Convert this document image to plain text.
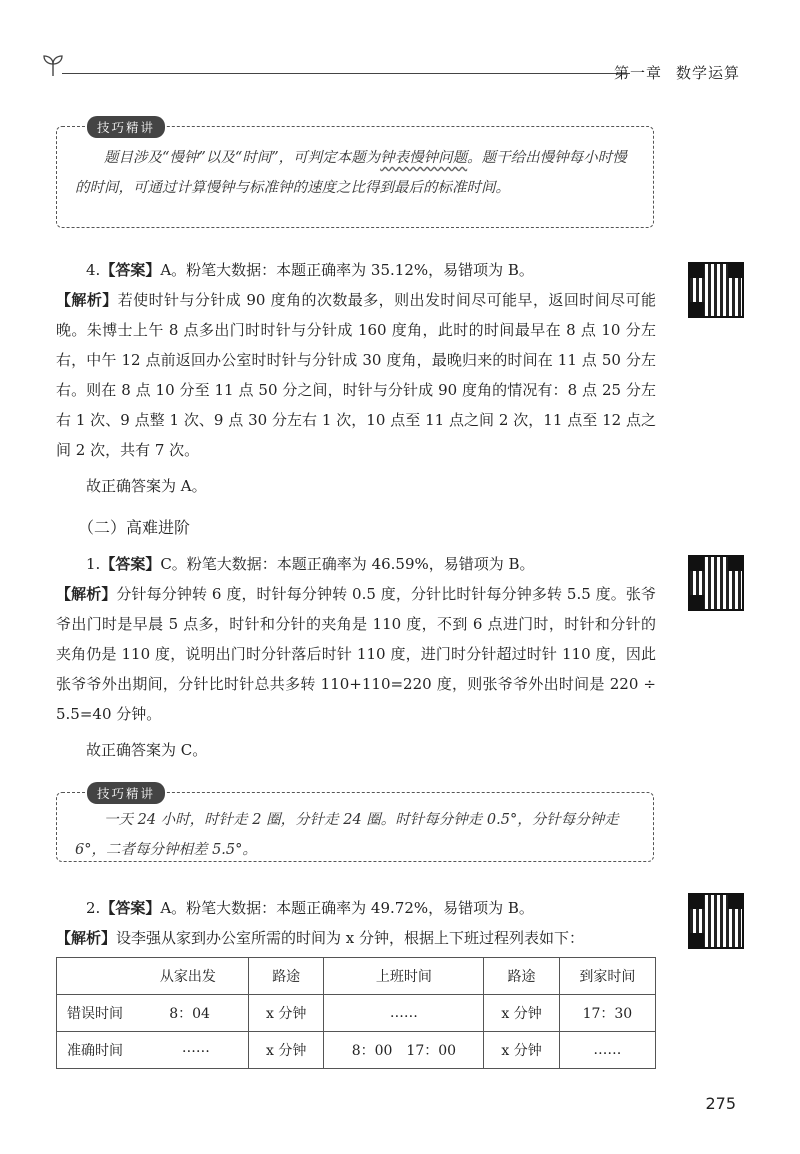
第一章 数学运算
技巧精讲

题目涉及“慢钟”以及“时间”，可判定本题为钟表慢钟问题。题干给出慢钟每小时慢的时间，可通过计算慢钟与标准钟的速度之比得到最后的标准时间。

4.【答案】A。粉笔大数据：本题正确率为 35.12%，易错项为 B。

【解析】若使时针与分针成 90 度角的次数最多，则出发时间尽可能早，返回时间尽可能晚。朱博士上午 8 点多出门时时针与分针成 160 度角，此时的时间最早在 8 点 10 分左右，中午 12 点前返回办公室时时针与分针成 30 度角，最晚归来的时间在 11 点 50 分左右。则在 8 点 10 分至 11 点 50 分之间，时针与分针成 90 度角的情况有：8 点 25 分左右 1 次、9 点整 1 次、9 点 30 分左右 1 次，10 点至 11 点之间 2 次，11 点至 12 点之间 2 次，共有 7 次。

故正确答案为 A。

（二）高难进阶

1.【答案】C。粉笔大数据：本题正确率为 46.59%，易错项为 B。

【解析】分针每分钟转 6 度，时针每分钟转 0.5 度，分针比时针每分钟多转 5.5 度。张爷爷出门时是早晨 5 点多，时针和分针的夹角是 110 度，不到 6 点进门时，时针和分针的夹角仍是 110 度，说明出门时分针落后时针 110 度，进门时分针超过时针 110 度，因此张爷爷外出期间，分针比时针总共多转 110+110=220 度，则张爷爷外出时间是 220 ÷ 5.5=40 分钟。

故正确答案为 C。

技巧精讲

一天 24 小时，时针走 2 圈，分针走 24 圈。时针每分钟走 0.5°，分针每分钟走 6°，二者每分钟相差 5.5°。

2.【答案】A。粉笔大数据：本题正确率为 49.72%，易错项为 B。

【解析】设李强从家到办公室所需的时间为 x 分钟，根据上下班过程列表如下：

从家出发	路途	上班时间	路途	到家时间
错误时间 8：04	x 分钟	……	x 分钟	17：30
准确时间 ……	x 分钟	8：00　17：00	x 分钟	……
275
